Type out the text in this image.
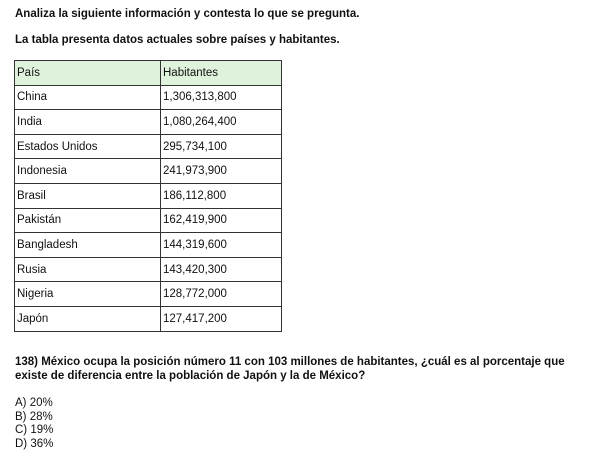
Analiza la siguiente información y contesta lo que se pregunta.

La tabla presenta datos actuales sobre países y habitantes.

País	Habitantes
China	1,306,313,800
India	1,080,264,400
Estados Unidos	295,734,100
Indonesia	241,973,900
Brasil	186,112,800
Pakistán	162,419,900
Bangladesh	144,319,600
Rusia	143,420,300
Nigeria	128,772,000
Japón	127,417,200

138) México ocupa la posición número 11 con 103 millones de habitantes, ¿cuál es al porcentaje que existe de diferencia entre la población de Japón y la de México?

A) 20%
B) 28%
C) 19%
D) 36%
